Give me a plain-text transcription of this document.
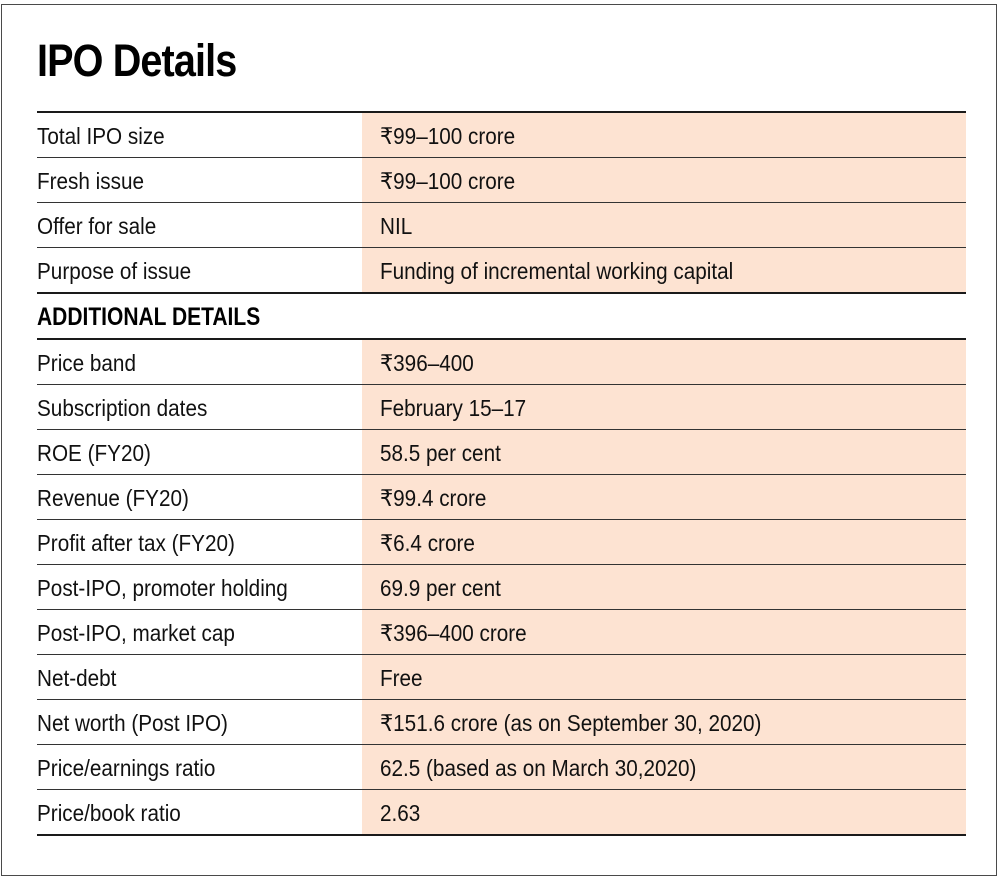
IPO Details
Total IPO size	₹99–100 crore
Fresh issue	₹99–100 crore
Offer for sale	NIL
Purpose of issue	Funding of incremental working capital
ADDITIONAL DETAILS
Price band	₹396–400
Subscription dates	February 15–17
ROE (FY20)	58.5 per cent
Revenue (FY20)	₹99.4 crore
Profit after tax (FY20)	₹6.4 crore
Post-IPO, promoter holding	69.9 per cent
Post-IPO, market cap	₹396–400 crore
Net-debt	Free
Net worth (Post IPO)	₹151.6 crore (as on September 30, 2020)
Price/earnings ratio	62.5 (based as on March 30,2020)
Price/book ratio	2.63
